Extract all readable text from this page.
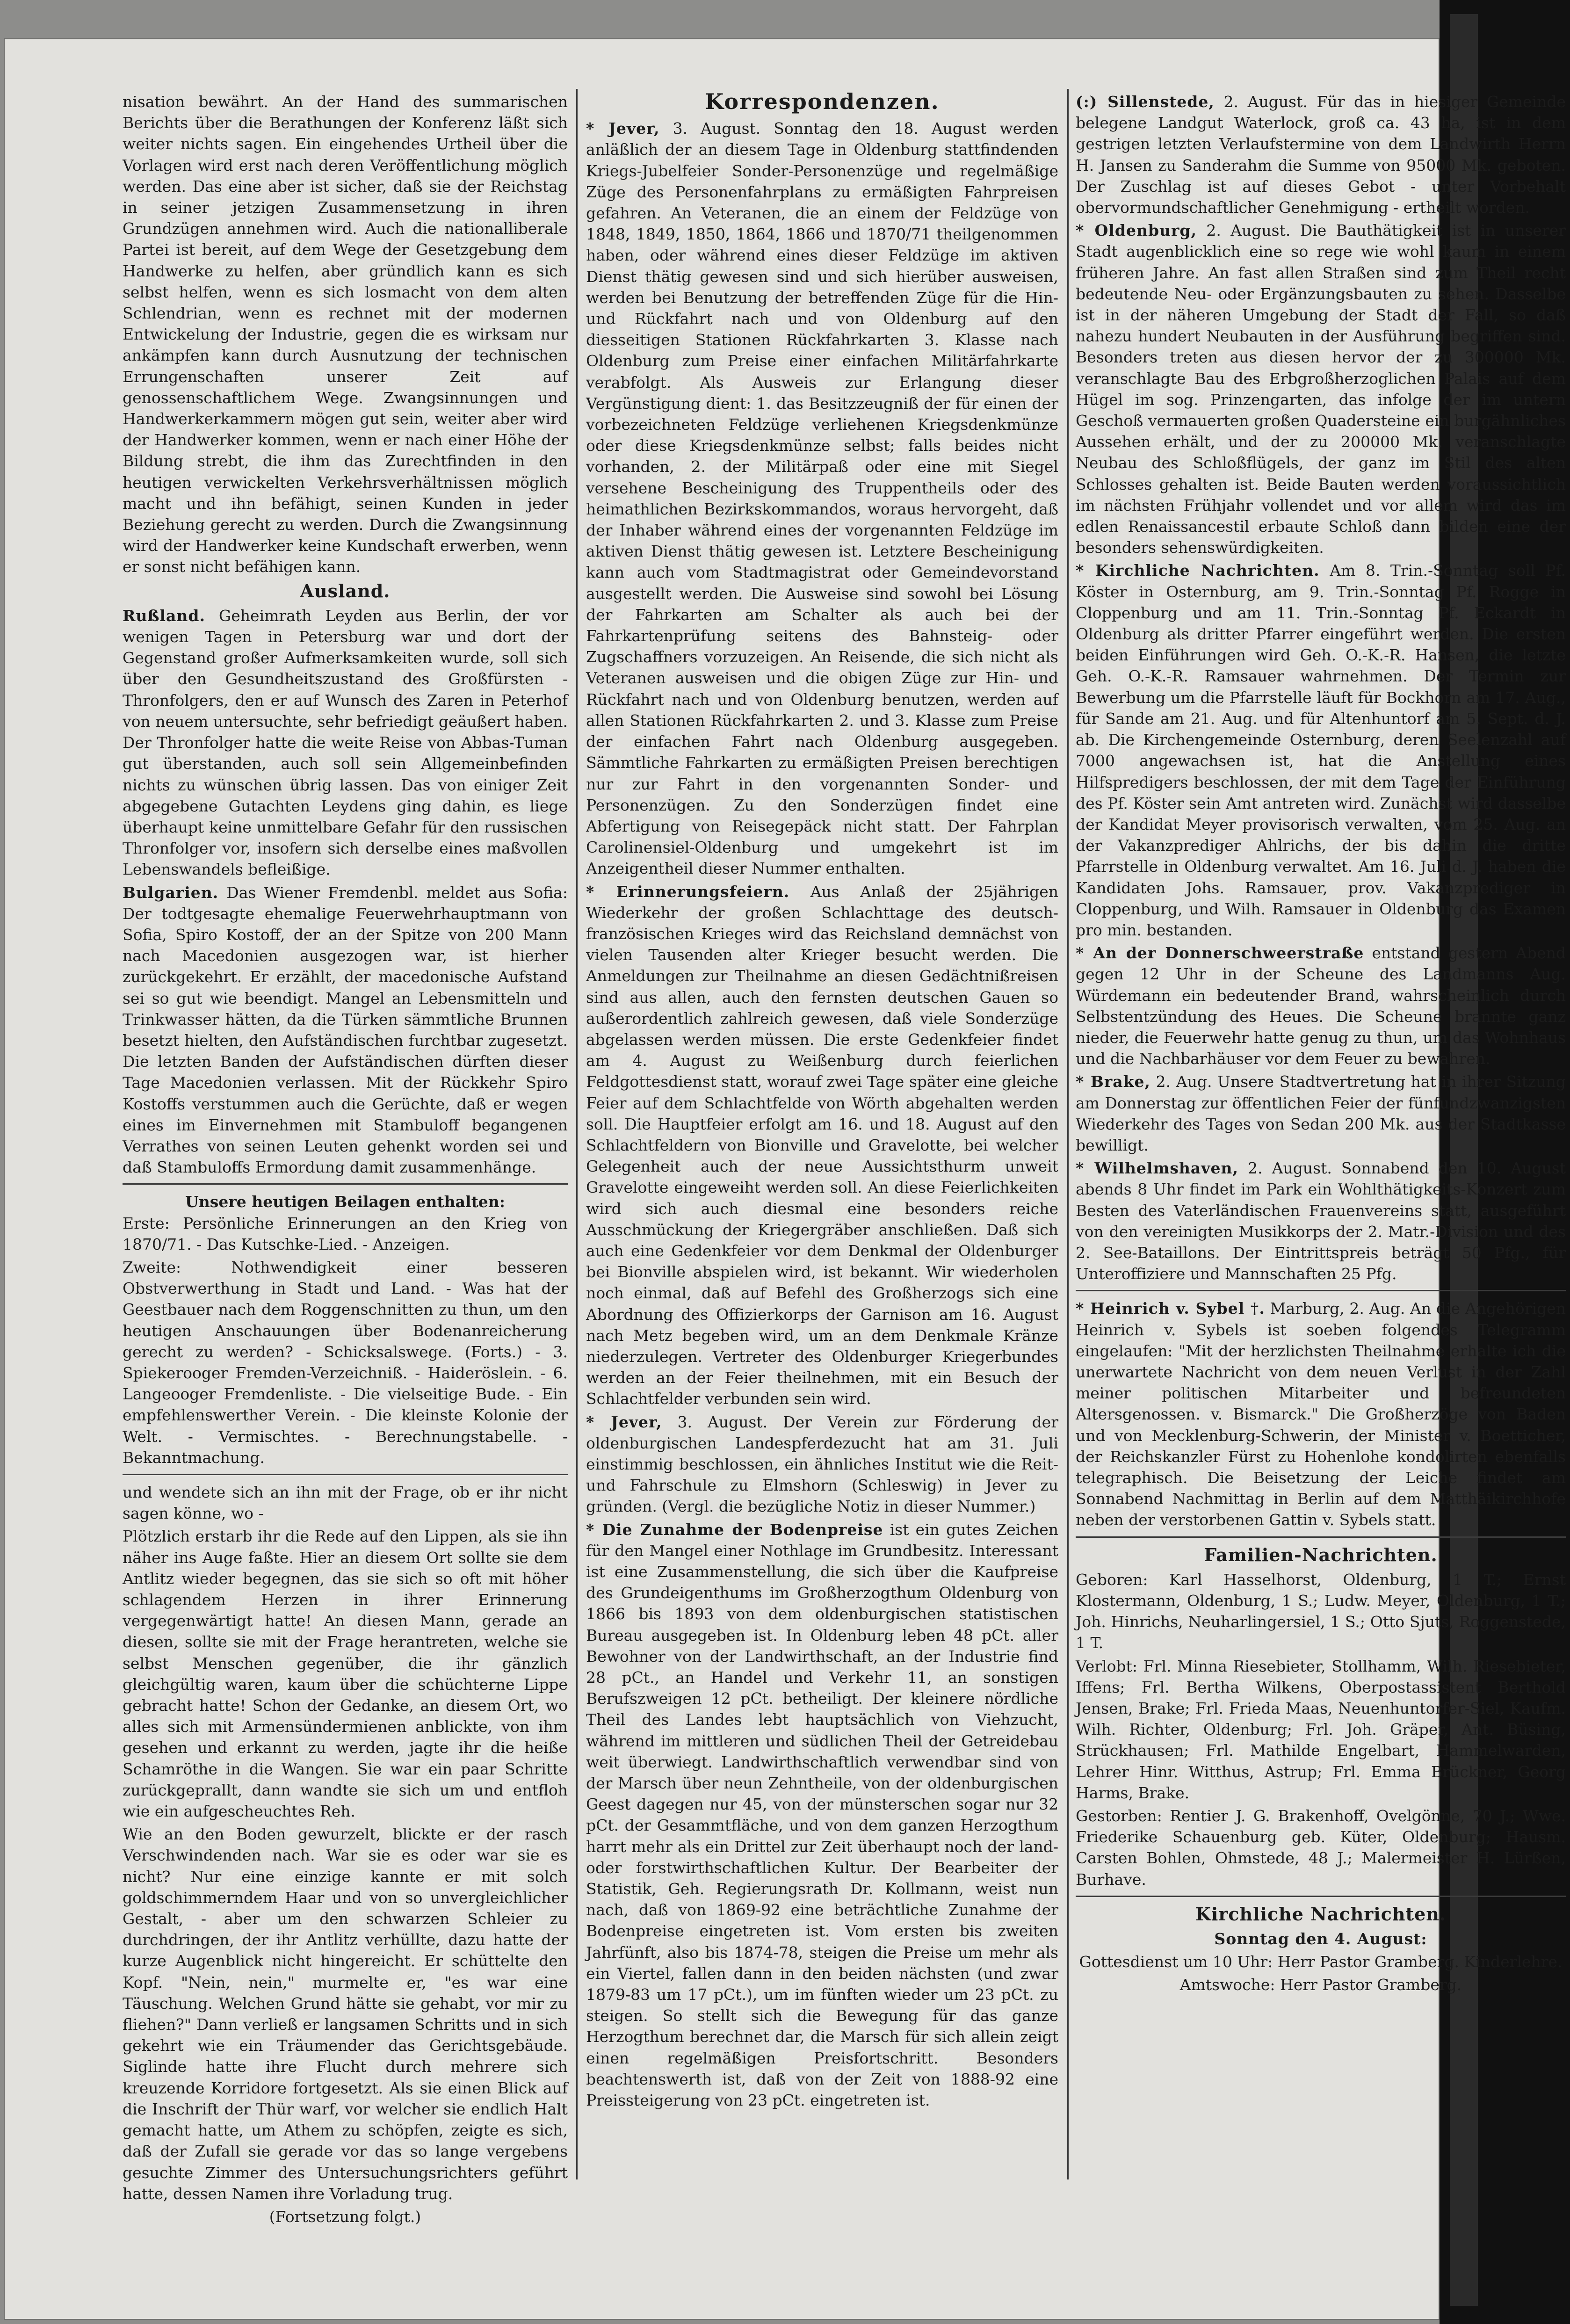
nisation bewährt. An der Hand des summarischen Berichts über die Berathungen der Konferenz läßt sich weiter nichts sagen. Ein eingehendes Urtheil über die Vorlagen wird erst nach deren Veröffentlichung möglich werden. Das eine aber ist sicher, daß sie der Reichstag in seiner jetzigen Zusammensetzung in ihren Grundzügen annehmen wird. Auch die nationalliberale Partei ist bereit, auf dem Wege der Gesetzgebung dem Handwerke zu helfen, aber gründlich kann es sich selbst helfen, wenn es sich losmacht von dem alten Schlendrian, wenn es rechnet mit der modernen Entwickelung der Industrie, gegen die es wirksam nur ankämpfen kann durch Ausnutzung der technischen Errungenschaften unserer Zeit auf genossenschaftlichem Wege. Zwangsinnungen und Handwerkerkammern mögen gut sein, weiter aber wird der Handwerker kommen, wenn er nach einer Höhe der Bildung strebt, die ihm das Zurechtfinden in den heutigen verwickelten Verkehrsverhältnissen möglich macht und ihn befähigt, seinen Kunden in jeder Beziehung gerecht zu werden. Durch die Zwangsinnung wird der Handwerker keine Kundschaft erwerben, wenn er sonst nicht befähigen kann.

Ausland.

Rußland. Geheimrath Leyden aus Berlin, der vor wenigen Tagen in Petersburg war und dort der Gegenstand großer Aufmerksamkeiten wurde, soll sich über den Gesundheitszustand des Großfürsten - Thronfolgers, den er auf Wunsch des Zaren in Peterhof von neuem untersuchte, sehr befriedigt geäußert haben. Der Thronfolger hatte die weite Reise von Abbas-Tuman gut überstanden, auch soll sein Allgemeinbefinden nichts zu wünschen übrig lassen. Das von einiger Zeit abgegebene Gutachten Leydens ging dahin, es liege überhaupt keine unmittelbare Gefahr für den russischen Thronfolger vor, insofern sich derselbe eines maßvollen Lebenswandels befleißige.

Bulgarien. Das Wiener Fremdenbl. meldet aus Sofia: Der todtgesagte ehemalige Feuerwehrhauptmann von Sofia, Spiro Kostoff, der an der Spitze von 200 Mann nach Macedonien ausgezogen war, ist hierher zurückgekehrt. Er erzählt, der macedonische Aufstand sei so gut wie beendigt. Mangel an Lebensmitteln und Trinkwasser hätten, da die Türken sämmtliche Brunnen besetzt hielten, den Aufständischen furchtbar zugesetzt. Die letzten Banden der Aufständischen dürften dieser Tage Macedonien verlassen. Mit der Rückkehr Spiro Kostoffs verstummen auch die Gerüchte, daß er wegen eines im Einvernehmen mit Stambuloff begangenen Verrathes von seinen Leuten gehenkt worden sei und daß Stambuloffs Ermordung damit zusammenhänge.

Unsere heutigen Beilagen enthalten:

Erste: Persönliche Erinnerungen an den Krieg von 1870/71. - Das Kutschke-Lied. - Anzeigen.

Zweite: Nothwendigkeit einer besseren Obstverwerthung in Stadt und Land. - Was hat der Geestbauer nach dem Roggenschnitten zu thun, um den heutigen Anschauungen über Bodenanreicherung gerecht zu werden? - Schicksalswege. (Forts.) - 3. Spiekerooger Fremden-Verzeichniß. - Haideröslein. - 6. Langeooger Fremdenliste. - Die vielseitige Bude. - Ein empfehlenswerther Verein. - Die kleinste Kolonie der Welt. - Vermischtes. - Berechnungstabelle. - Bekanntmachung.

und wendete sich an ihn mit der Frage, ob er ihr nicht sagen könne, wo -

Plötzlich erstarb ihr die Rede auf den Lippen, als sie ihn näher ins Auge faßte. Hier an diesem Ort sollte sie dem Antlitz wieder begegnen, das sie sich so oft mit höher schlagendem Herzen in ihrer Erinnerung vergegenwärtigt hatte! An diesen Mann, gerade an diesen, sollte sie mit der Frage herantreten, welche sie selbst Menschen gegenüber, die ihr gänzlich gleichgültig waren, kaum über die schüchterne Lippe gebracht hatte! Schon der Gedanke, an diesem Ort, wo alles sich mit Armensündermienen anblickte, von ihm gesehen und erkannt zu werden, jagte ihr die heiße Schamröthe in die Wangen. Sie war ein paar Schritte zurückgeprallt, dann wandte sie sich um und entfloh wie ein aufgescheuchtes Reh.

Wie an den Boden gewurzelt, blickte er der rasch Verschwindenden nach. War sie es oder war sie es nicht? Nur eine einzige kannte er mit solch goldschimmerndem Haar und von so unvergleichlicher Gestalt, - aber um den schwarzen Schleier zu durchdringen, der ihr Antlitz verhüllte, dazu hatte der kurze Augenblick nicht hingereicht. Er schüttelte den Kopf. "Nein, nein," murmelte er, "es war eine Täuschung. Welchen Grund hätte sie gehabt, vor mir zu fliehen?" Dann verließ er langsamen Schritts und in sich gekehrt wie ein Träumender das Gerichtsgebäude. Siglinde hatte ihre Flucht durch mehrere sich kreuzende Korridore fortgesetzt. Als sie einen Blick auf die Inschrift der Thür warf, vor welcher sie endlich Halt gemacht hatte, um Athem zu schöpfen, zeigte es sich, daß der Zufall sie gerade vor das so lange vergebens gesuchte Zimmer des Untersuchungsrichters geführt hatte, dessen Namen ihre Vorladung trug.

(Fortsetzung folgt.)

Korrespondenzen.

* Jever, 3. August. Sonntag den 18. August werden anläßlich der an diesem Tage in Oldenburg stattfindenden Kriegs-Jubelfeier Sonder-Personenzüge und regelmäßige Züge des Personenfahrplans zu ermäßigten Fahrpreisen gefahren. An Veteranen, die an einem der Feldzüge von 1848, 1849, 1850, 1864, 1866 und 1870/71 theilgenommen haben, oder während eines dieser Feldzüge im aktiven Dienst thätig gewesen sind und sich hierüber ausweisen, werden bei Benutzung der betreffenden Züge für die Hin- und Rückfahrt nach und von Oldenburg auf den diesseitigen Stationen Rückfahrkarten 3. Klasse nach Oldenburg zum Preise einer einfachen Militärfahrkarte verabfolgt. Als Ausweis zur Erlangung dieser Vergünstigung dient: 1. das Besitzzeugniß der für einen der vorbezeichneten Feldzüge verliehenen Kriegsdenkmünze oder diese Kriegsdenkmünze selbst; falls beides nicht vorhanden, 2. der Militärpaß oder eine mit Siegel versehene Bescheinigung des Truppentheils oder des heimathlichen Bezirkskommandos, woraus hervorgeht, daß der Inhaber während eines der vorgenannten Feldzüge im aktiven Dienst thätig gewesen ist. Letztere Bescheinigung kann auch vom Stadtmagistrat oder Gemeindevorstand ausgestellt werden. Die Ausweise sind sowohl bei Lösung der Fahrkarten am Schalter als auch bei der Fahrkartenprüfung seitens des Bahnsteig- oder Zugschaffners vorzuzeigen. An Reisende, die sich nicht als Veteranen ausweisen und die obigen Züge zur Hin- und Rückfahrt nach und von Oldenburg benutzen, werden auf allen Stationen Rückfahrkarten 2. und 3. Klasse zum Preise der einfachen Fahrt nach Oldenburg ausgegeben. Sämmtliche Fahrkarten zu ermäßigten Preisen berechtigen nur zur Fahrt in den vorgenannten Sonder- und Personenzügen. Zu den Sonderzügen findet eine Abfertigung von Reisegepäck nicht statt. Der Fahrplan Carolinensiel-Oldenburg und umgekehrt ist im Anzeigentheil dieser Nummer enthalten.

* Erinnerungsfeiern. Aus Anlaß der 25jährigen Wiederkehr der großen Schlachttage des deutsch-französischen Krieges wird das Reichsland demnächst von vielen Tausenden alter Krieger besucht werden. Die Anmeldungen zur Theilnahme an diesen Gedächtnißreisen sind aus allen, auch den fernsten deutschen Gauen so außerordentlich zahlreich gewesen, daß viele Sonderzüge abgelassen werden müssen. Die erste Gedenkfeier findet am 4. August zu Weißenburg durch feierlichen Feldgottesdienst statt, worauf zwei Tage später eine gleiche Feier auf dem Schlachtfelde von Wörth abgehalten werden soll. Die Hauptfeier erfolgt am 16. und 18. August auf den Schlachtfeldern von Bionville und Gravelotte, bei welcher Gelegenheit auch der neue Aussichtsthurm unweit Gravelotte eingeweiht werden soll. An diese Feierlichkeiten wird sich auch diesmal eine besonders reiche Ausschmückung der Kriegergräber anschließen. Daß sich auch eine Gedenkfeier vor dem Denkmal der Oldenburger bei Bionville abspielen wird, ist bekannt. Wir wiederholen noch einmal, daß auf Befehl des Großherzogs sich eine Abordnung des Offizierkorps der Garnison am 16. August nach Metz begeben wird, um an dem Denkmale Kränze niederzulegen. Vertreter des Oldenburger Kriegerbundes werden an der Feier theilnehmen, mit ein Besuch der Schlachtfelder verbunden sein wird.

* Jever, 3. August. Der Verein zur Förderung der oldenburgischen Landespferdezucht hat am 31. Juli einstimmig beschlossen, ein ähnliches Institut wie die Reit- und Fahrschule zu Elmshorn (Schleswig) in Jever zu gründen. (Vergl. die bezügliche Notiz in dieser Nummer.)

* Die Zunahme der Bodenpreise ist ein gutes Zeichen für den Mangel einer Nothlage im Grundbesitz. Interessant ist eine Zusammenstellung, die sich über die Kaufpreise des Grundeigenthums im Großherzogthum Oldenburg von 1866 bis 1893 von dem oldenburgischen statistischen Bureau ausgegeben ist. In Oldenburg leben 48 pCt. aller Bewohner von der Landwirthschaft, an der Industrie find 28 pCt., an Handel und Verkehr 11, an sonstigen Berufszweigen 12 pCt. betheiligt. Der kleinere nördliche Theil des Landes lebt hauptsächlich von Viehzucht, während im mittleren und südlichen Theil der Getreidebau weit überwiegt. Landwirthschaftlich verwendbar sind von der Marsch über neun Zehntheile, von der oldenburgischen Geest dagegen nur 45, von der münsterschen sogar nur 32 pCt. der Gesammtfläche, und von dem ganzen Herzogthum harrt mehr als ein Drittel zur Zeit überhaupt noch der land- oder forstwirthschaftlichen Kultur. Der Bearbeiter der Statistik, Geh. Regierungsrath Dr. Kollmann, weist nun nach, daß von 1869-92 eine beträchtliche Zunahme der Bodenpreise eingetreten ist. Vom ersten bis zweiten Jahrfünft, also bis 1874-78, steigen die Preise um mehr als ein Viertel, fallen dann in den beiden nächsten (und zwar 1879-83 um 17 pCt.), um im fünften wieder um 23 pCt. zu steigen. So stellt sich die Bewegung für das ganze Herzogthum berechnet dar, die Marsch für sich allein zeigt einen regelmäßigen Preisfortschritt. Besonders beachtenswerth ist, daß von der Zeit von 1888-92 eine Preissteigerung von 23 pCt. eingetreten ist.

(:) Sillenstede, 2. August. Für das in hiesiger Gemeinde belegene Landgut Waterlock, groß ca. 43 ha, ist in dem gestrigen letzten Verlaufstermine von dem Landwirth Herrn H. Jansen zu Sanderahm die Summe von 95000 Mk. geboten. Der Zuschlag ist auf dieses Gebot - unter Vorbehalt obervormundschaftlicher Genehmigung - ertheilt worden.

* Oldenburg, 2. August. Die Bauthätigkeit ist in unserer Stadt augenblicklich eine so rege wie wohl kaum in einem früheren Jahre. An fast allen Straßen sind zum Theil recht bedeutende Neu- oder Ergänzungsbauten zu sehen. Dasselbe ist in der näheren Umgebung der Stadt der Fall, so daß nahezu hundert Neubauten in der Ausführung begriffen sind. Besonders treten aus diesen hervor der zu 300000 Mk. veranschlagte Bau des Erbgroßherzoglichen Palais auf dem Hügel im sog. Prinzengarten, das infolge der im untern Geschoß vermauerten großen Quadersteine ein burgähnliches Aussehen erhält, und der zu 200000 Mk. veranschlagte Neubau des Schloßflügels, der ganz im Stil des alten Schlosses gehalten ist. Beide Bauten werden voraussichtlich im nächsten Frühjahr vollendet und vor allem wird das im edlen Renaissancestil erbaute Schloß dann bilden eine der besonders sehenswürdigkeiten.

* Kirchliche Nachrichten. Am 8. Trin.-Sonntag soll Pf. Köster in Osternburg, am 9. Trin.-Sonntag Pf. Rogge in Cloppenburg und am 11. Trin.-Sonntag Pf. Eckardt in Oldenburg als dritter Pfarrer eingeführt werden. Die ersten beiden Einführungen wird Geh. O.-K.-R. Hansen, die letzte Geh. O.-K.-R. Ramsauer wahrnehmen. Der Termin zur Bewerbung um die Pfarrstelle läuft für Bockhorn am 17. Aug., für Sande am 21. Aug. und für Altenhuntorf am 5. Sept. d. J. ab. Die Kirchengemeinde Osternburg, deren Seelenzahl auf 7000 angewachsen ist, hat die Anstellung eines Hilfspredigers beschlossen, der mit dem Tage der Einführung des Pf. Köster sein Amt antreten wird. Zunächst wird dasselbe der Kandidat Meyer provisorisch verwalten, vom 25. Aug. an der Vakanzprediger Ahlrichs, der bis dahin die dritte Pfarrstelle in Oldenburg verwaltet. Am 16. Juli d. J. haben die Kandidaten Johs. Ramsauer, prov. Vakanzprediger in Cloppenburg, und Wilh. Ramsauer in Oldenburg das Examen pro min. bestanden.

* An der Donnerschweerstraße entstand gestern Abend gegen 12 Uhr in der Scheune des Landmanns Aug. Würdemann ein bedeutender Brand, wahrscheinlich durch Selbstentzündung des Heues. Die Scheune brannte ganz nieder, die Feuerwehr hatte genug zu thun, um das Wohnhaus und die Nachbarhäuser vor dem Feuer zu bewahren.

* Brake, 2. Aug. Unsere Stadtvertretung hat in ihrer Sitzung am Donnerstag zur öffentlichen Feier der fünfundzwanzigsten Wiederkehr des Tages von Sedan 200 Mk. aus der Stadtkasse bewilligt.

* Wilhelmshaven, 2. August. Sonnabend den 10. August abends 8 Uhr findet im Park ein Wohlthätigkeits-Konzert zum Besten des Vaterländischen Frauenvereins statt, ausgeführt von den vereinigten Musikkorps der 2. Matr.-Division und des 2. See-Bataillons. Der Eintrittspreis beträgt 50 Pfg., für Unteroffiziere und Mannschaften 25 Pfg.

* Heinrich v. Sybel †. Marburg, 2. Aug. An die Angehörigen Heinrich v. Sybels ist soeben folgendes Telegramm eingelaufen: "Mit der herzlichsten Theilnahme erhalte ich die unerwartete Nachricht von dem neuen Verlust in der Zahl meiner politischen Mitarbeiter und befreundeten Altersgenossen. v. Bismarck." Die Großherzöge von Baden und von Mecklenburg-Schwerin, der Minister v. Boetticher, der Reichskanzler Fürst zu Hohenlohe kondolirten ebenfalls telegraphisch. Die Beisetzung der Leiche findet am Sonnabend Nachmittag in Berlin auf dem Matthäikirchhofe neben der verstorbenen Gattin v. Sybels statt.

Familien-Nachrichten.

Geboren: Karl Hasselhorst, Oldenburg, 1 T.; Ernst Klostermann, Oldenburg, 1 S.; Ludw. Meyer, Oldenburg, 1 T.; Joh. Hinrichs, Neuharlingersiel, 1 S.; Otto Sjuts, Roggenstede, 1 T.

Verlobt: Frl. Minna Riesebieter, Stollhamm, Wilh. Riesebieter, Iffens; Frl. Bertha Wilkens, Oberpostassistent Berthold Jensen, Brake; Frl. Frieda Maas, Neuenhuntorfer-Siel, Kaufm. Wilh. Richter, Oldenburg; Frl. Joh. Gräper, Ant. Büsing, Strückhausen; Frl. Mathilde Engelbart, Hammelwarden, Lehrer Hinr. Witthus, Astrup; Frl. Emma Brückner, Georg Harms, Brake.

Gestorben: Rentier J. G. Brakenhoff, Ovelgönne, 70 J.; Wwe. Friederike Schauenburg geb. Küter, Oldenburg; Hausm. Carsten Bohlen, Ohmstede, 48 J.; Malermeister H. Lürßen, Burhave.

Kirchliche Nachrichten.

Sonntag den 4. August:

Gottesdienst um 10 Uhr: Herr Pastor Gramberg. Kinderlehre.

Amtswoche: Herr Pastor Gramberg.
